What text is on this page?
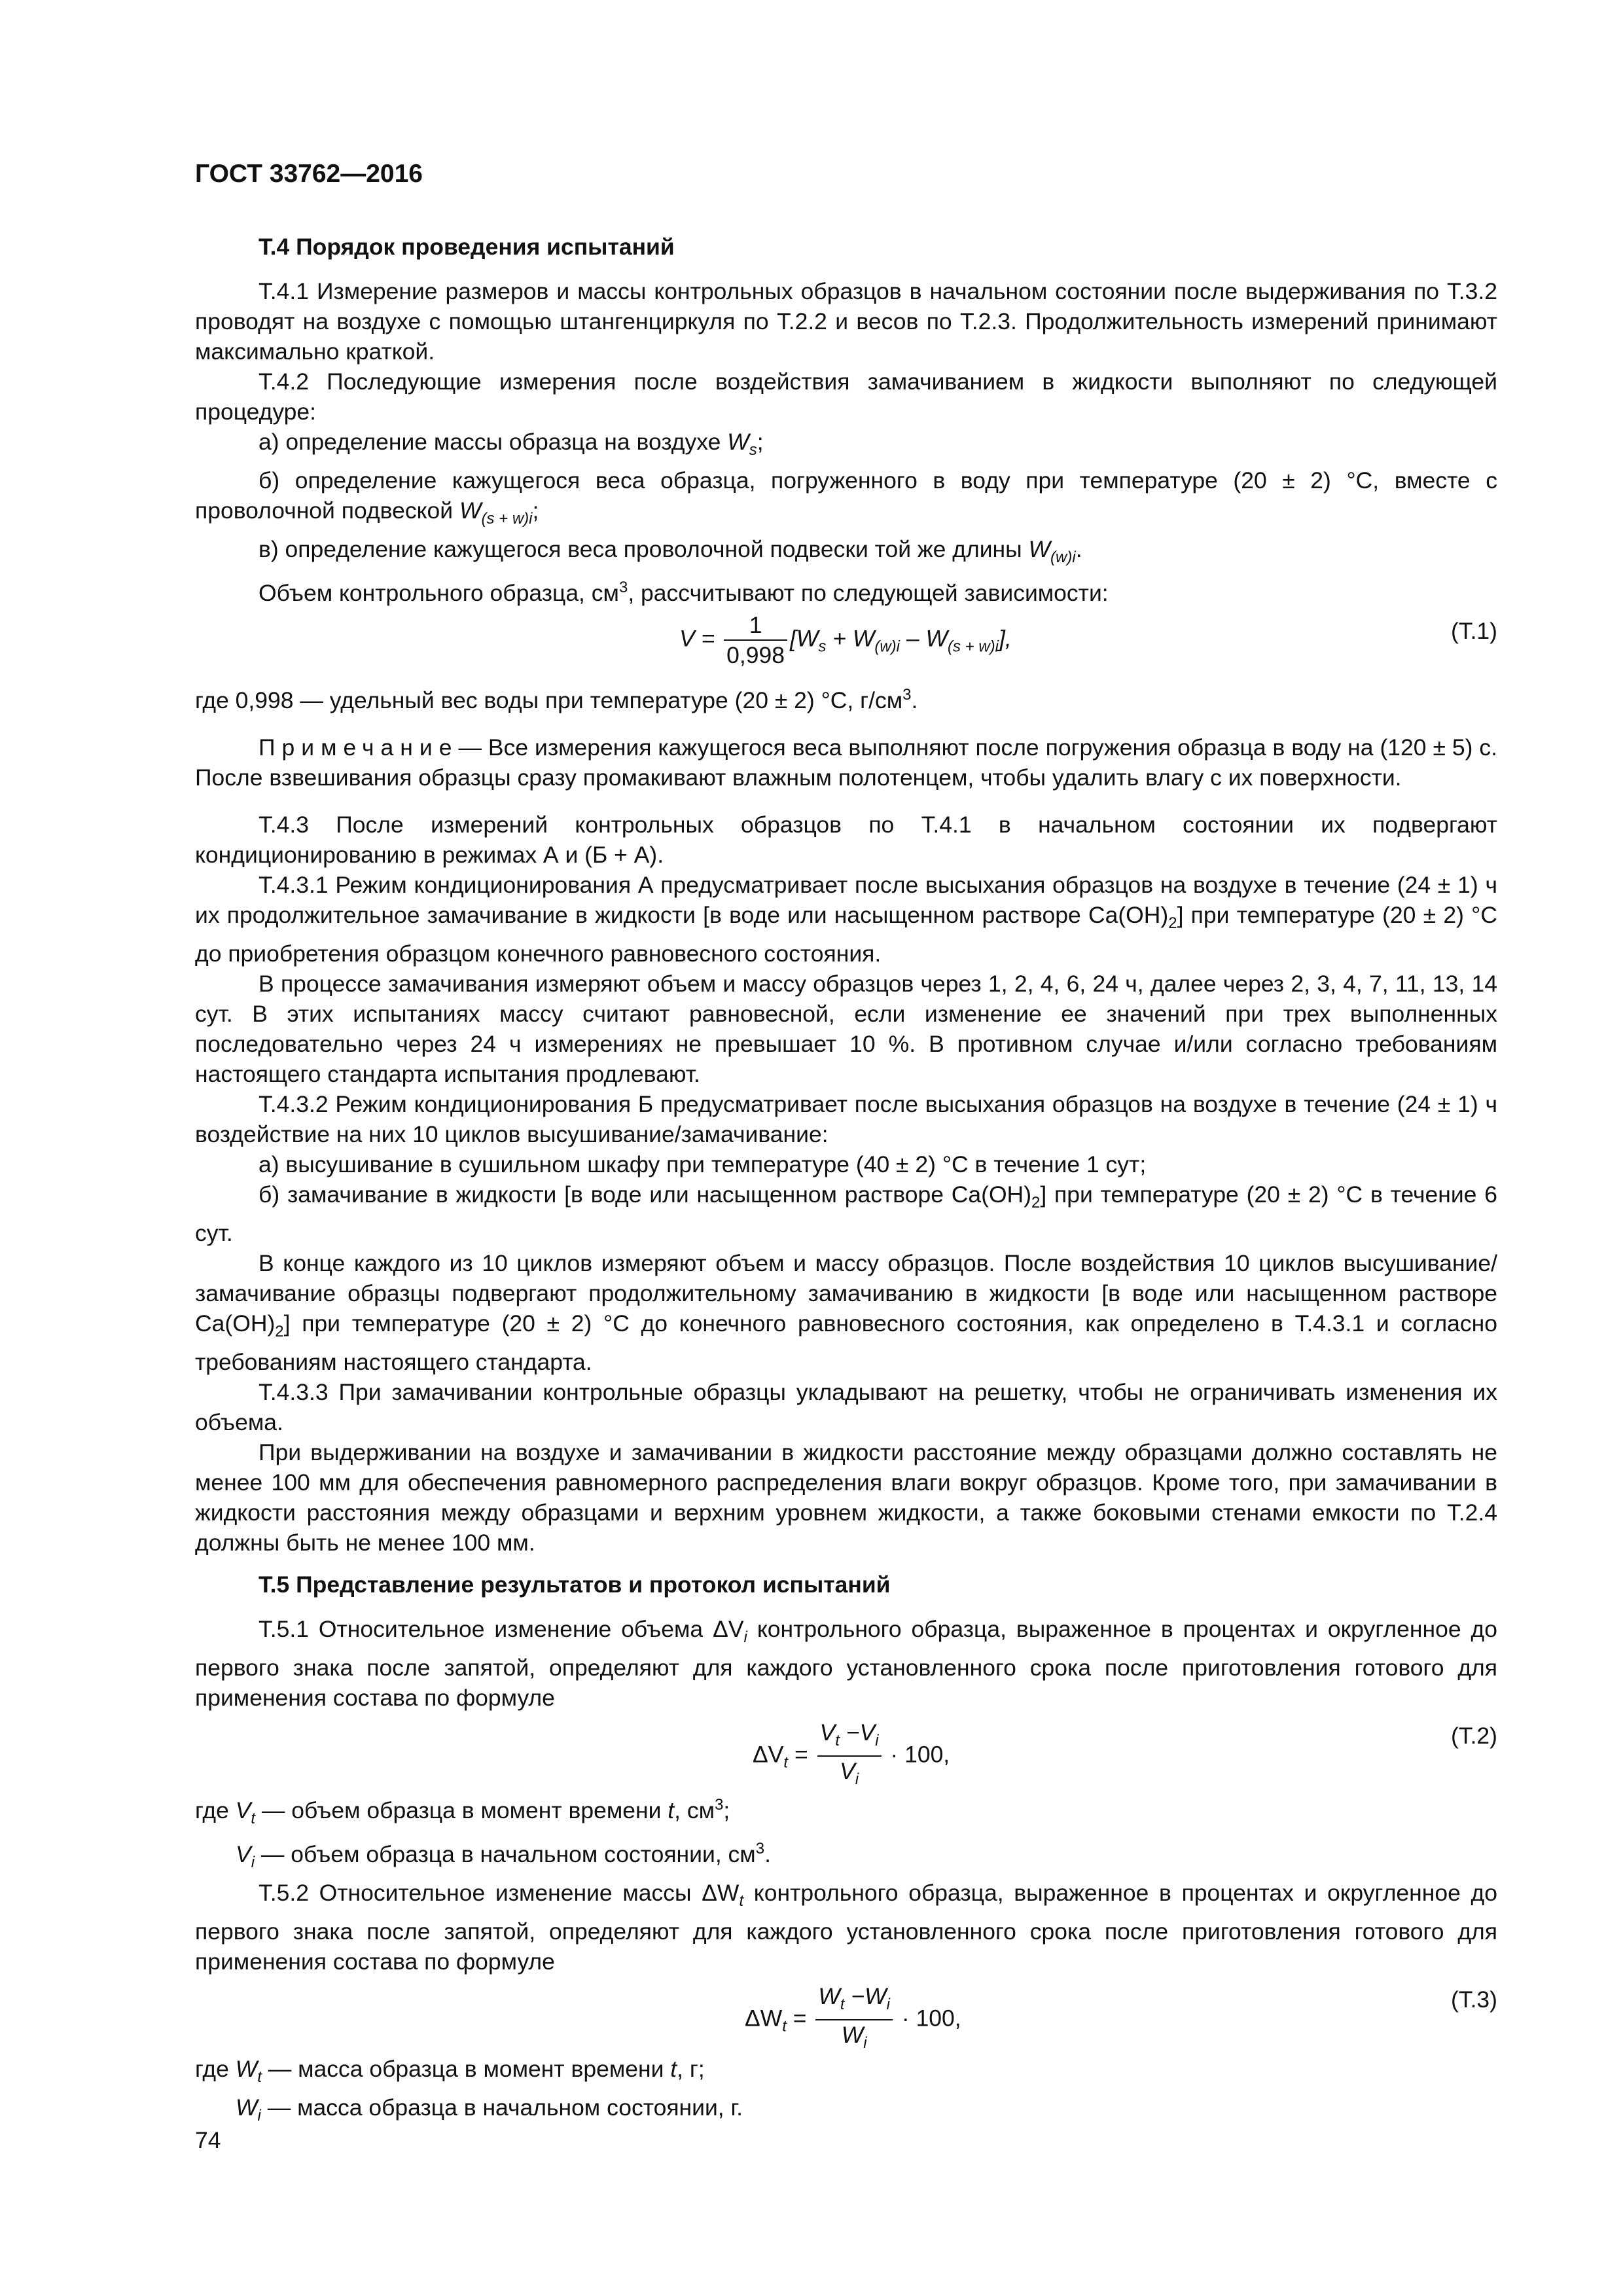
ГОСТ 33762—2016
Т.4 Порядок проведения испытаний

Т.4.1 Измерение размеров и массы контрольных образцов в начальном состоянии после выдерживания по Т.3.2 проводят на воздухе с помощью штангенциркуля по Т.2.2 и весов по Т.2.3. Продолжительность измерений принимают максимально краткой.

Т.4.2 Последующие измерения после воздействия замачиванием в жидкости выполняют по следующей процедуре:

а) определение массы образца на воздухе $W_s$;

б) определение кажущегося веса образца, погруженного в воду при температуре (20 ± 2) °С, вместе с проволочной подвеской $W_{(s + w)i}$;

в) определение кажущегося веса проволочной подвески той же длины $W_{(w)i}$.

Объем контрольного образца, $см^3$, рассчитывают по следующей зависимости:

$V = \frac{1}{0,998} [W_s + W_{(w)i} - W_{(s + w)i}]$,	(Т.1)

где 0,998 — удельный вес воды при температуре (20 ± 2) °С, $г/см^3$.

Примечание— Все измерения кажущегося веса выполняют после погружения образца в воду на (120 ± 5) с. После взвешивания образцы сразу промакивают влажным полотенцем, чтобы удалить влагу с их поверхности.

Т.4.3 После измерений контрольных образцов по Т.4.1 в начальном состоянии их подвергают кондиционированию в режимах А и (Б + А).

Т.4.3.1 Режим кондиционирования А предусматривает после высыхания образцов на воздухе в течение (24 ± 1) ч их продолжительное замачивание в жидкости [в воде или насыщенном растворе $Ca(OH)_2$] при температуре (20 ± 2) °С до приобретения образцом конечного равновесного состояния.

В процессе замачивания измеряют объем и массу образцов через 1, 2, 4, 6, 24 ч, далее через 2, 3, 4, 7, 11, 13, 14 сут. В этих испытаниях массу считают равновесной, если изменение ее значений при трех выполненных последовательно через 24 ч измерениях не превышает 10 %. В противном случае и/или согласно требованиям настоящего стандарта испытания продлевают.

Т.4.3.2 Режим кондиционирования Б предусматривает после высыхания образцов на воздухе в течение (24 ± 1) ч воздействие на них 10 циклов высушивание/замачивание:

а) высушивание в сушильном шкафу при температуре (40 ± 2) °С в течение 1 сут;

б) замачивание в жидкости [в воде или насыщенном растворе $Ca(OH)_2$] при температуре (20 ± 2) °С в течение 6 сут.

В конце каждого из 10 циклов измеряют объем и массу образцов. После воздействия 10 циклов высушивание/замачивание образцы подвергают продолжительному замачиванию в жидкости [в воде или насыщенном растворе $Ca(OH)_2$] при температуре (20 ± 2) °С до конечного равновесного состояния, как определено в Т.4.3.1 и согласно требованиям настоящего стандарта.

Т.4.3.3 При замачивании контрольные образцы укладывают на решетку, чтобы не ограничивать изменения их объема.

При выдерживании на воздухе и замачивании в жидкости расстояние между образцами должно составлять не менее 100 мм для обеспечения равномерного распределения влаги вокруг образцов. Кроме того, при замачивании в жидкости расстояния между образцами и верхним уровнем жидкости, а также боковыми стенами емкости по Т.2.4 должны быть не менее 100 мм.

Т.5 Представление результатов и протокол испытаний

Т.5.1 Относительное изменение объема $\Delta V_i$ контрольного образца, выраженное в процентах и округленное до первого знака после запятой, определяют для каждого установленного срока после приготовления готового для применения состава по формуле

$\Delta V_t = \frac{V_t -V_i}{V_i} \cdot 100$,
(Т.2)

где $V_t$ — объем образца в момент времени t, $см^3$;

$V_i$ — объем образца в начальном состоянии, $см^3$.

Т.5.2 Относительное изменение массы $\Delta W_t$ контрольного образца, выраженное в процентах и округленное до первого знака после запятой, определяют для каждого установленного срока после приготовления готового для применения состава по формуле

$\Delta W_t = \frac{W_t -W_i}{W_i} \cdot 100$,
(Т.3)

где $W_t$ — масса образца в момент времени t, г;

$W_i$ — масса образца в начальном состоянии, г.

74
